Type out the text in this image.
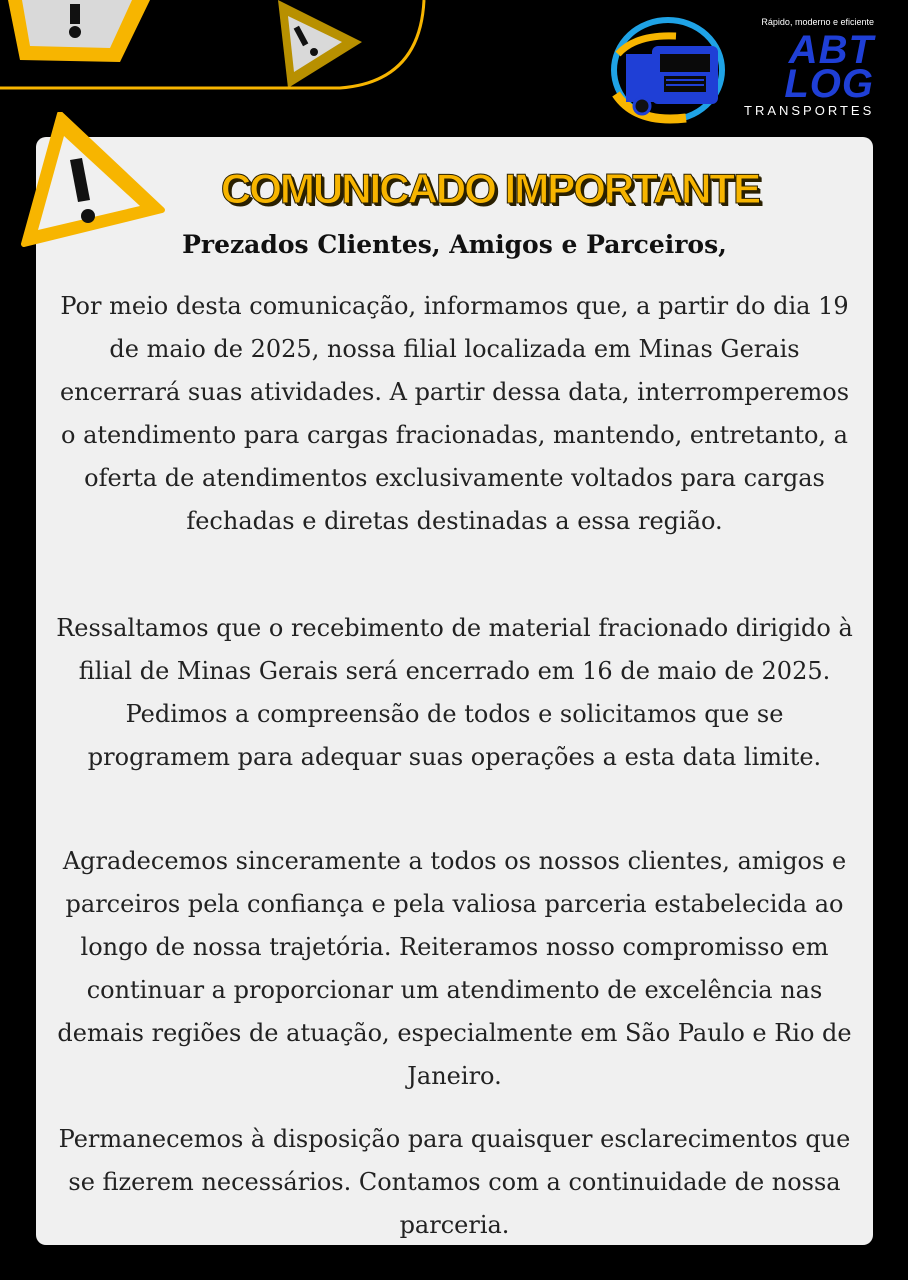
Rápido, moderno e eficiente
ABT
LOG
TRANSPORTES
COMUNICADO IMPORTANTE
Prezados Clientes, Amigos e Parceiros,
Por meio desta comunicação, informamos que, a partir do dia 19 de maio de 2025, nossa filial localizada em Minas Gerais encerrará suas atividades. A partir dessa data, interromperemos o atendimento para cargas fracionadas, mantendo, entretanto, a oferta de atendimentos exclusivamente voltados para cargas fechadas e diretas destinadas a essa região.
Ressaltamos que o recebimento de material fracionado dirigido à filial de Minas Gerais será encerrado em 16 de maio de 2025. Pedimos a compreensão de todos e solicitamos que se programem para adequar suas operações a esta data limite.
Agradecemos sinceramente a todos os nossos clientes, amigos e parceiros pela confiança e pela valiosa parceria estabelecida ao longo de nossa trajetória. Reiteramos nosso compromisso em continuar a proporcionar um atendimento de excelência nas demais regiões de atuação, especialmente em São Paulo e Rio de Janeiro.
Permanecemos à disposição para quaisquer esclarecimentos que se fizerem necessários. Contamos com a continuidade de nossa parceria.
